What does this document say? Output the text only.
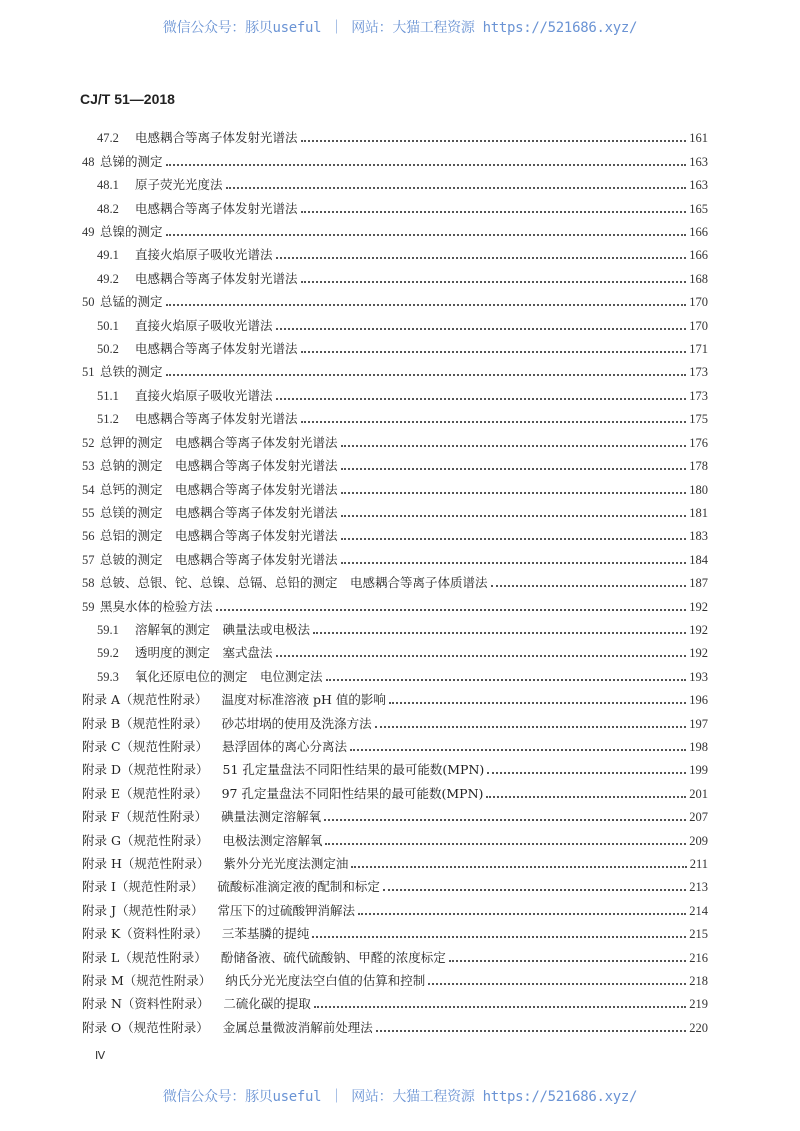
微信公众号：豚贝useful ｜ 网站：大猫工程资源 https://521686.xyz/
CJ/T 51—2018
47.2	电感耦合等离子体发射光谱法	161
48 总锑的测定	163
48.1	原子荧光光度法	163
48.2	电感耦合等离子体发射光谱法	165
49 总镍的测定	166
49.1	直接火焰原子吸收光谱法	166
49.2	电感耦合等离子体发射光谱法	168
50 总锰的测定	170
50.1	直接火焰原子吸收光谱法	170
50.2	电感耦合等离子体发射光谱法	171
51 总铁的测定	173
51.1	直接火焰原子吸收光谱法	173
51.2	电感耦合等离子体发射光谱法	175
52 总钾的测定　电感耦合等离子体发射光谱法	176
53 总钠的测定　电感耦合等离子体发射光谱法	178
54 总钙的测定　电感耦合等离子体发射光谱法	180
55 总镁的测定　电感耦合等离子体发射光谱法	181
56 总铝的测定　电感耦合等离子体发射光谱法	183
57 总铍的测定　电感耦合等离子体发射光谱法	184
58 总铍、总银、铊、总镍、总镉、总铅的测定　电感耦合等离子体质谱法	187
59 黑臭水体的检验方法	192
59.1	溶解氧的测定　碘量法或电极法	192
59.2	透明度的测定　塞式盘法	192
59.3	氧化还原电位的测定　电位测定法	193
附录 A（规范性附录） 温度对标准溶液 pH 值的影响	196
附录 B（规范性附录） 砂芯坩埚的使用及洗涤方法	197
附录 C（规范性附录） 悬浮固体的离心分离法	198
附录 D（规范性附录） 51 孔定量盘法不同阳性结果的最可能数(MPN)	199
附录 E（规范性附录） 97 孔定量盘法不同阳性结果的最可能数(MPN)	201
附录 F（规范性附录） 碘量法测定溶解氧	207
附录 G（规范性附录） 电极法测定溶解氧	209
附录 H（规范性附录） 紫外分光光度法测定油	211
附录 I（规范性附录） 硫酸标准滴定液的配制和标定	213
附录 J（规范性附录） 常压下的过硫酸钾消解法	214
附录 K（资料性附录） 三苯基膦的提纯	215
附录 L（规范性附录） 酚储备液、硫代硫酸钠、甲醛的浓度标定	216
附录 M（规范性附录） 纳氏分光光度法空白值的估算和控制	218
附录 N（资料性附录） 二硫化碳的提取	219
附录 O（规范性附录） 金属总量微波消解前处理法	220
Ⅳ
微信公众号：豚贝useful ｜ 网站：大猫工程资源 https://521686.xyz/
